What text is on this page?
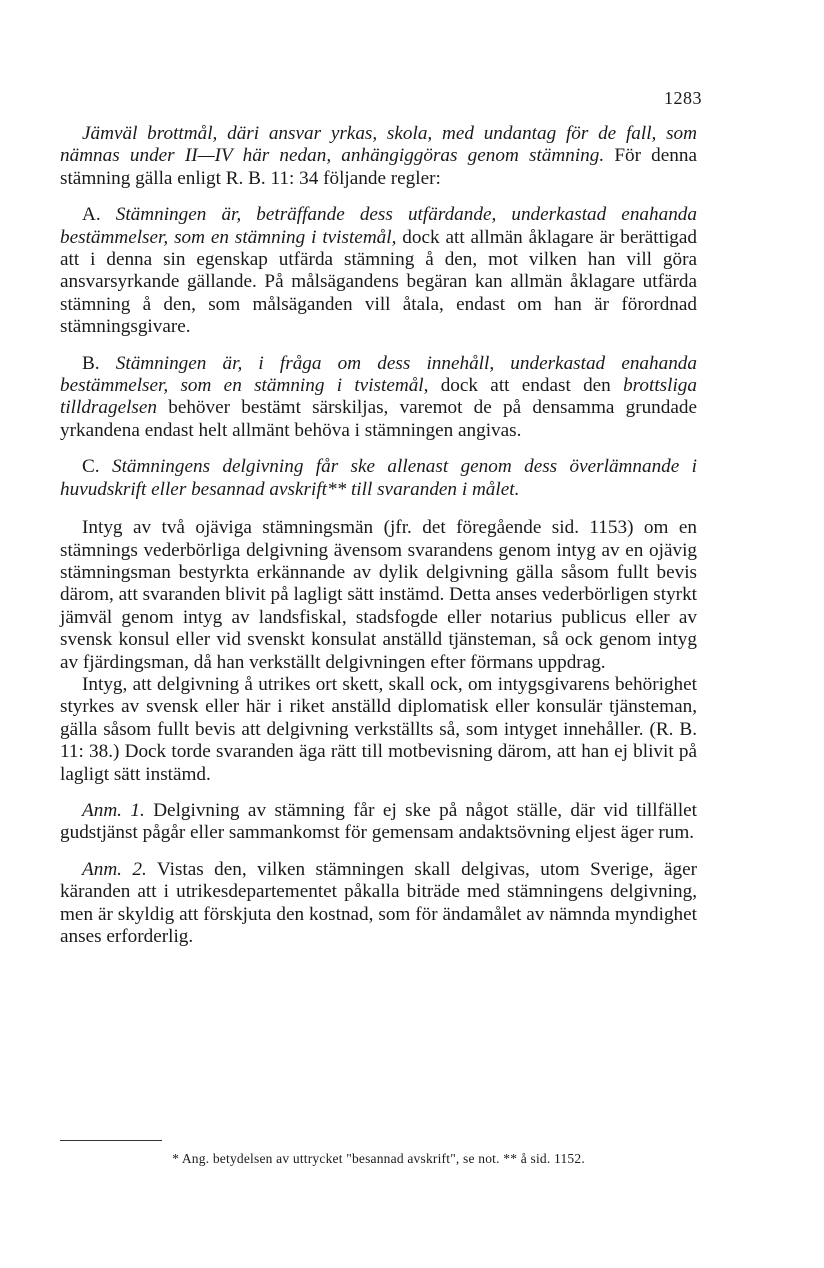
1283

Jämväl brottmål, däri ansvar yrkas, skola, med undantag för de fall, som nämnas under II—IV här nedan, anhängiggöras genom stämning. För denna stämning gälla enligt R. B. 11: 34 följande regler:

A. Stämningen är, beträffande dess utfärdande, underkastad enahanda bestämmelser, som en stämning i tvistemål, dock att allmän åklagare är berättigad att i denna sin egenskap utfärda stämning å den, mot vilken han vill göra ansvarsyrkande gällande. På målsägandens begäran kan allmän åklagare utfärda stämning å den, som målsäganden vill åtala, endast om han är förordnad stämningsgivare.

B. Stämningen är, i fråga om dess innehåll, underkastad enahanda bestämmelser, som en stämning i tvistemål, dock att endast den brottsliga tilldragelsen behöver bestämt särskiljas, varemot de på densamma grundade yrkandena endast helt allmänt behöva i stämningen angivas.

C. Stämningens delgivning får ske allenast genom dess överlämnande i huvudskrift eller besannad avskrift** till svaranden i målet.

Intyg av två ojäviga stämningsmän (jfr. det föregående sid. 1153) om en stämnings vederbörliga delgivning ävensom svarandens genom intyg av en ojävig stämningsman bestyrkta erkännande av dylik delgivning gälla såsom fullt bevis därom, att svaranden blivit på lagligt sätt instämd. Detta anses vederbörligen styrkt jämväl genom intyg av landsfiskal, stadsfogde eller notarius publicus eller av svensk konsul eller vid svenskt konsulat anställd tjänsteman, så ock genom intyg av fjärdingsman, då han verkställt delgivningen efter förmans uppdrag.

Intyg, att delgivning å utrikes ort skett, skall ock, om intygsgivarens behörighet styrkes av svensk eller här i riket anställd diplomatisk eller konsulär tjänsteman, gälla såsom fullt bevis att delgivning verkställts så, som intyget innehåller. (R. B. 11: 38.) Dock torde svaranden äga rätt till motbevisning därom, att han ej blivit på lagligt sätt instämd.

Anm. 1. Delgivning av stämning får ej ske på något ställe, där vid tillfället gudstjänst pågår eller sammankomst för gemensam andaktsövning eljest äger rum.

Anm. 2. Vistas den, vilken stämningen skall delgivas, utom Sverige, äger käranden att i utrikesdepartementet påkalla biträde med stämningens delgivning, men är skyldig att förskjuta den kostnad, som för ändamålet av nämnda myndighet anses erforderlig.

* Ang. betydelsen av uttrycket "besannad avskrift", se not. ** å sid. 1152.
